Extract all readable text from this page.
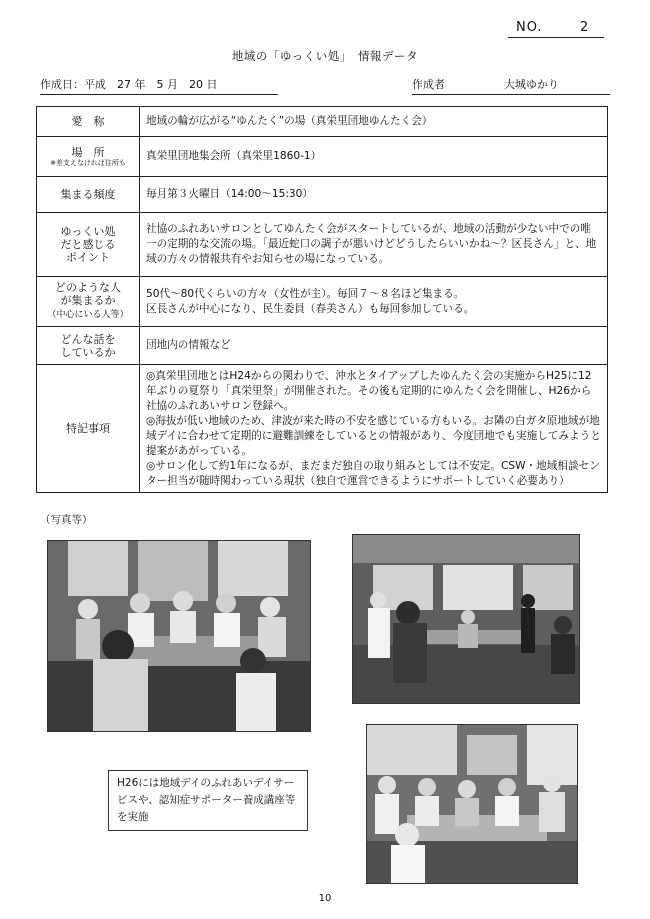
NO.	2

地域の「ゆっくい処」　情報データ
作成日：平成　27 年　5 月　20 日	作成者	大城ゆかり
愛　称	地域の輪が広がる“ゆんたく”の場（真栄里団地ゆんたく会）
場　所
※差支えなければ住所も	真栄里団地集会所（真栄里1860-1）
集まる頻度	毎月第３火曜日（14:00～15:30）
ゆっくい処
だと感じる
ポイント	社協のふれあいサロンとしてゆんたく会がスタートしているが、地域の活動が少ない中での唯一の定期的な交流の場。「最近蛇口の調子が悪いけどどうしたらいいかね～？区長さん」と、地域の方々の情報共有やお知らせの場になっている。
どのような人
が集まるか
（中心にいる人等）	50代～80代くらいの方々（女性が主）。毎回７～８名ほど集まる。
区長さんが中心になり、民生委員（春美さん）も毎回参加している。
どんな話を
しているか	団地内の情報など
特記事項	◎真栄里団地とはH24からの関わりで、沖水とタイアップしたゆんたく会の実施からH25に12年ぶりの夏祭り「真栄里祭」が開催された。その後も定期的にゆんたく会を開催し、H26から社協のふれあいサロン登録へ。
◎海抜が低い地域のため、津波が来た時の不安を感じている方もいる。お隣の白ガタ原地域が地域デイに合わせて定期的に避難訓練をしているとの情報があり、今度団地でも実施してみようと提案があがっている。
◎サロン化して約1年になるが、まだまだ独自の取り組みとしては不安定。CSW・地域相談センター担当が随時関わっている現状（独自で運営できるようにサポートしていく必要あり）
（写真等）
H26には地域デイのふれあいデイサービスや、認知症サポーター養成講座等を実施
10
